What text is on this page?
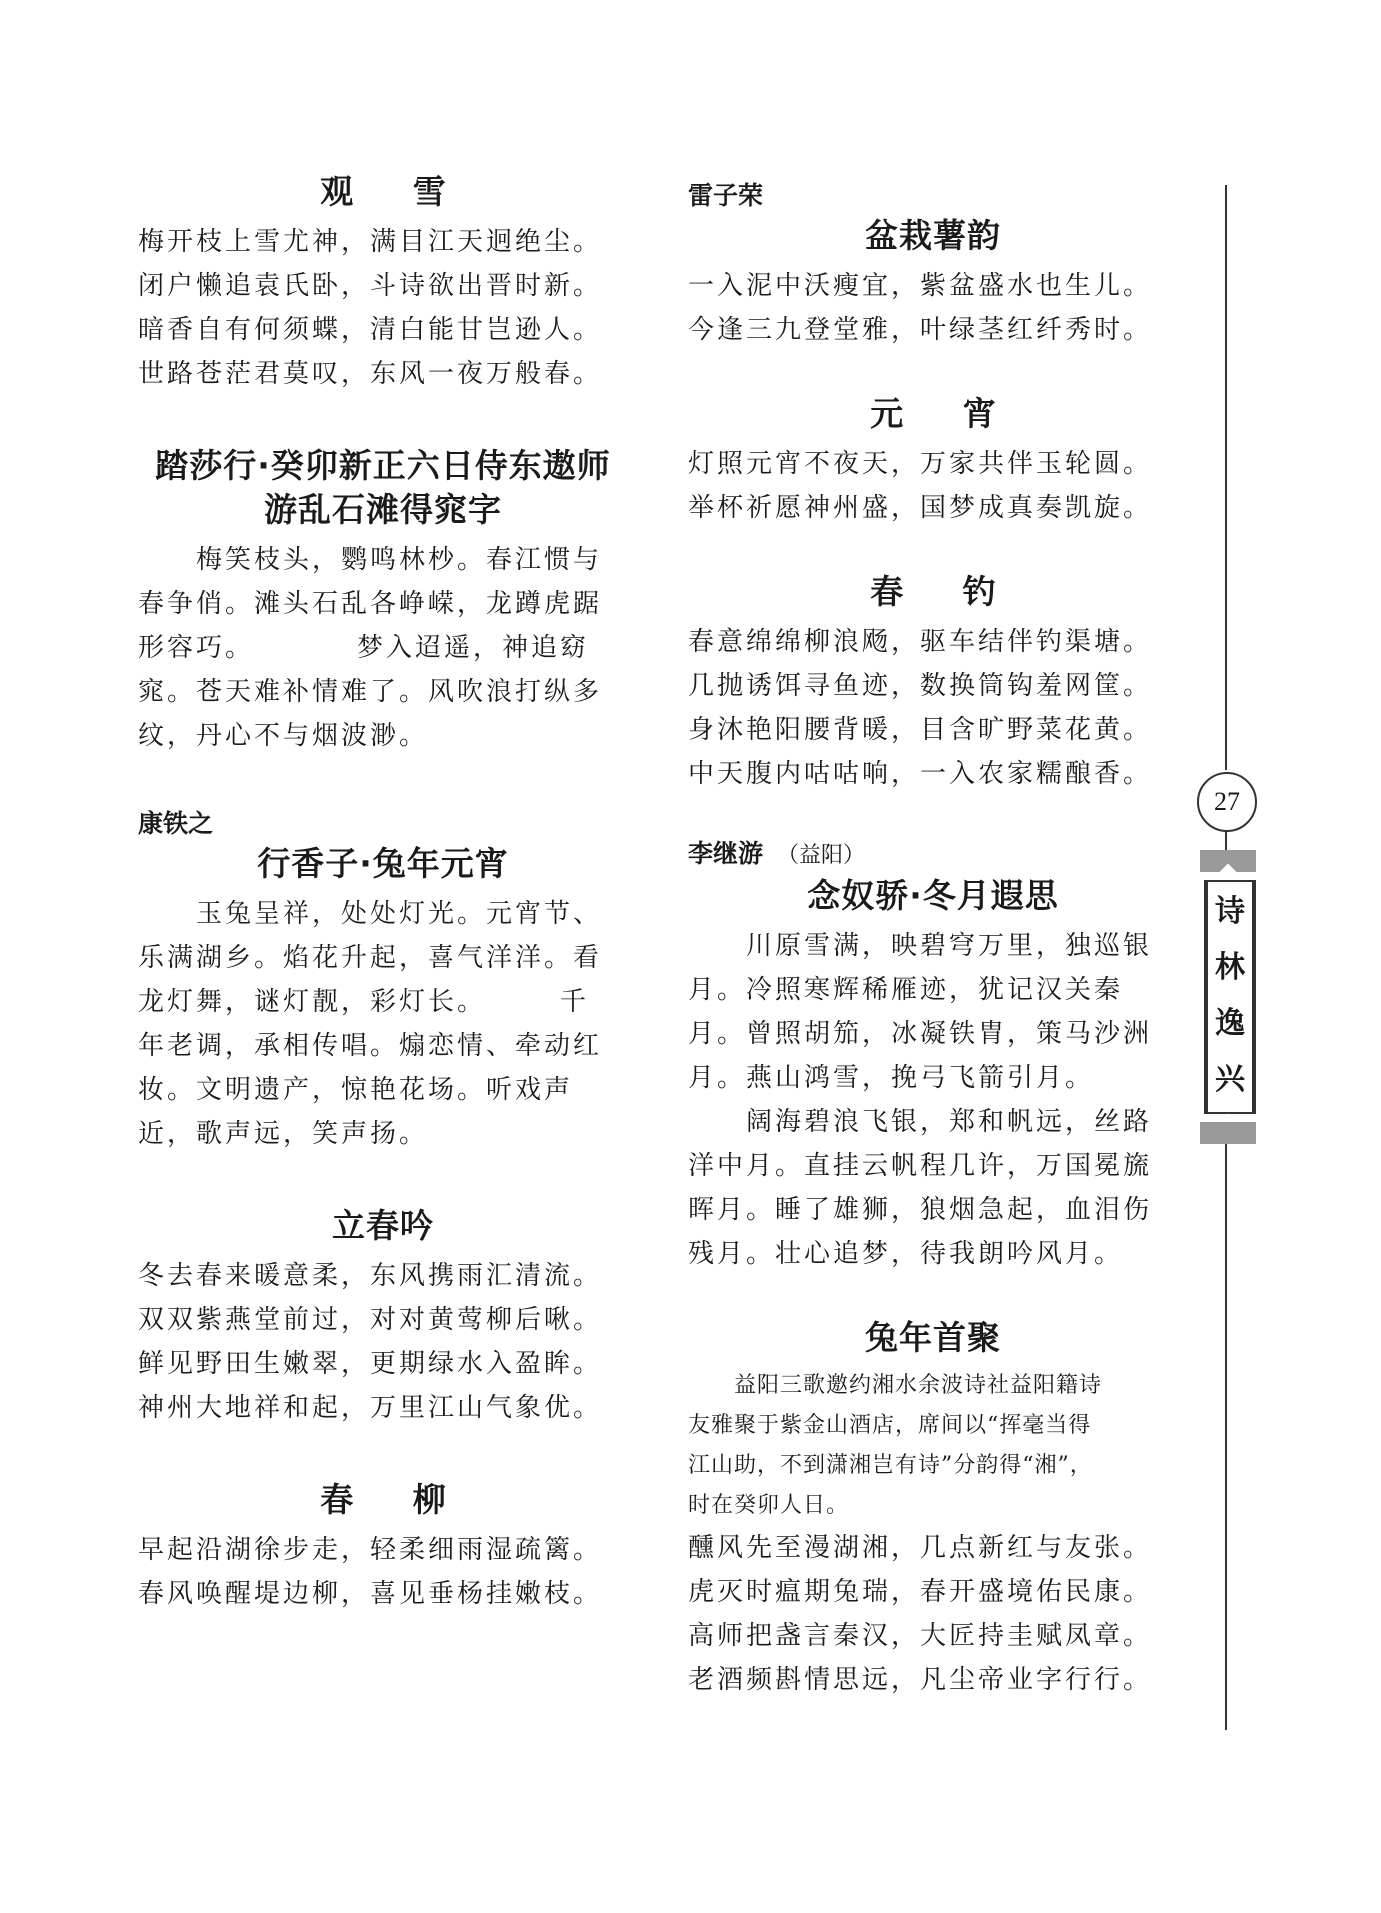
观 雪
梅开枝上雪尤神，满目江天迥绝尘。
闭户懒追袁氏卧，斗诗欲出晋时新。
暗香自有何须蝶，清白能甘岂逊人。
世路苍茫君莫叹，东风一夜万般春。
踏莎行·癸卯新正六日侍东遨师
游乱石滩得窕字
　　梅笑枝头，鹦鸣林杪。春江惯与
春争俏。滩头石乱各峥嵘，龙蹲虎踞
形容巧。　　　　梦入迢遥，神追窈
窕。苍天难补情难了。风吹浪打纵多
纹，丹心不与烟波渺。
康铁之
行香子·兔年元宵
　　玉兔呈祥，处处灯光。元宵节、
乐满湖乡。焰花升起，喜气洋洋。看
龙灯舞，谜灯靓，彩灯长。　　　千
年老调，承相传唱。煽恋情、牵动红
妆。文明遗产，惊艳花场。听戏声
近，歌声远，笑声扬。
立春吟
冬去春来暖意柔，东风携雨汇清流。
双双紫燕堂前过，对对黄莺柳后啾。
鲜见野田生嫩翠，更期绿水入盈眸。
神州大地祥和起，万里江山气象优。
春 柳
早起沿湖徐步走，轻柔细雨湿疏篱。
春风唤醒堤边柳，喜见垂杨挂嫩枝。
雷子荣
盆栽薯韵
一入泥中沃瘦宜，紫盆盛水也生儿。
今逢三九登堂雅，叶绿茎红纤秀时。
元 宵
灯照元宵不夜天，万家共伴玉轮圆。
举杯祈愿神州盛，国梦成真奏凯旋。
春 钓
春意绵绵柳浪飏，驱车结伴钓渠塘。
几抛诱饵寻鱼迹，数换筒钩羞网筐。
身沐艳阳腰背暖，目含旷野菜花黄。
中天腹内咕咕响，一入农家糯酿香。
李继游 （益阳）
念奴骄·冬月遐思
　　川原雪满，映碧穹万里，独巡银
月。冷照寒辉稀雁迹，犹记汉关秦
月。曾照胡笳，冰凝铁胄，策马沙洲
月。燕山鸿雪，挽弓飞箭引月。
　　阔海碧浪飞银，郑和帆远，丝路
洋中月。直挂云帆程几许，万国冕旒
晖月。睡了雄狮，狼烟急起，血泪伤
残月。壮心追梦，待我朗吟风月。
兔年首聚
　　益阳三歌邀约湘水余波诗社益阳籍诗
友雅聚于紫金山酒店，席间以“挥毫当得
江山助，不到潇湘岂有诗”分韵得“湘”，
时在癸卯人日。
醺风先至漫湖湘，几点新红与友张。
虎灭时瘟期兔瑞，春开盛境佑民康。
高师把盏言秦汉，大匠持圭赋凤章。
老酒频斟情思远，凡尘帝业字行行。
27
诗
林
逸
兴
